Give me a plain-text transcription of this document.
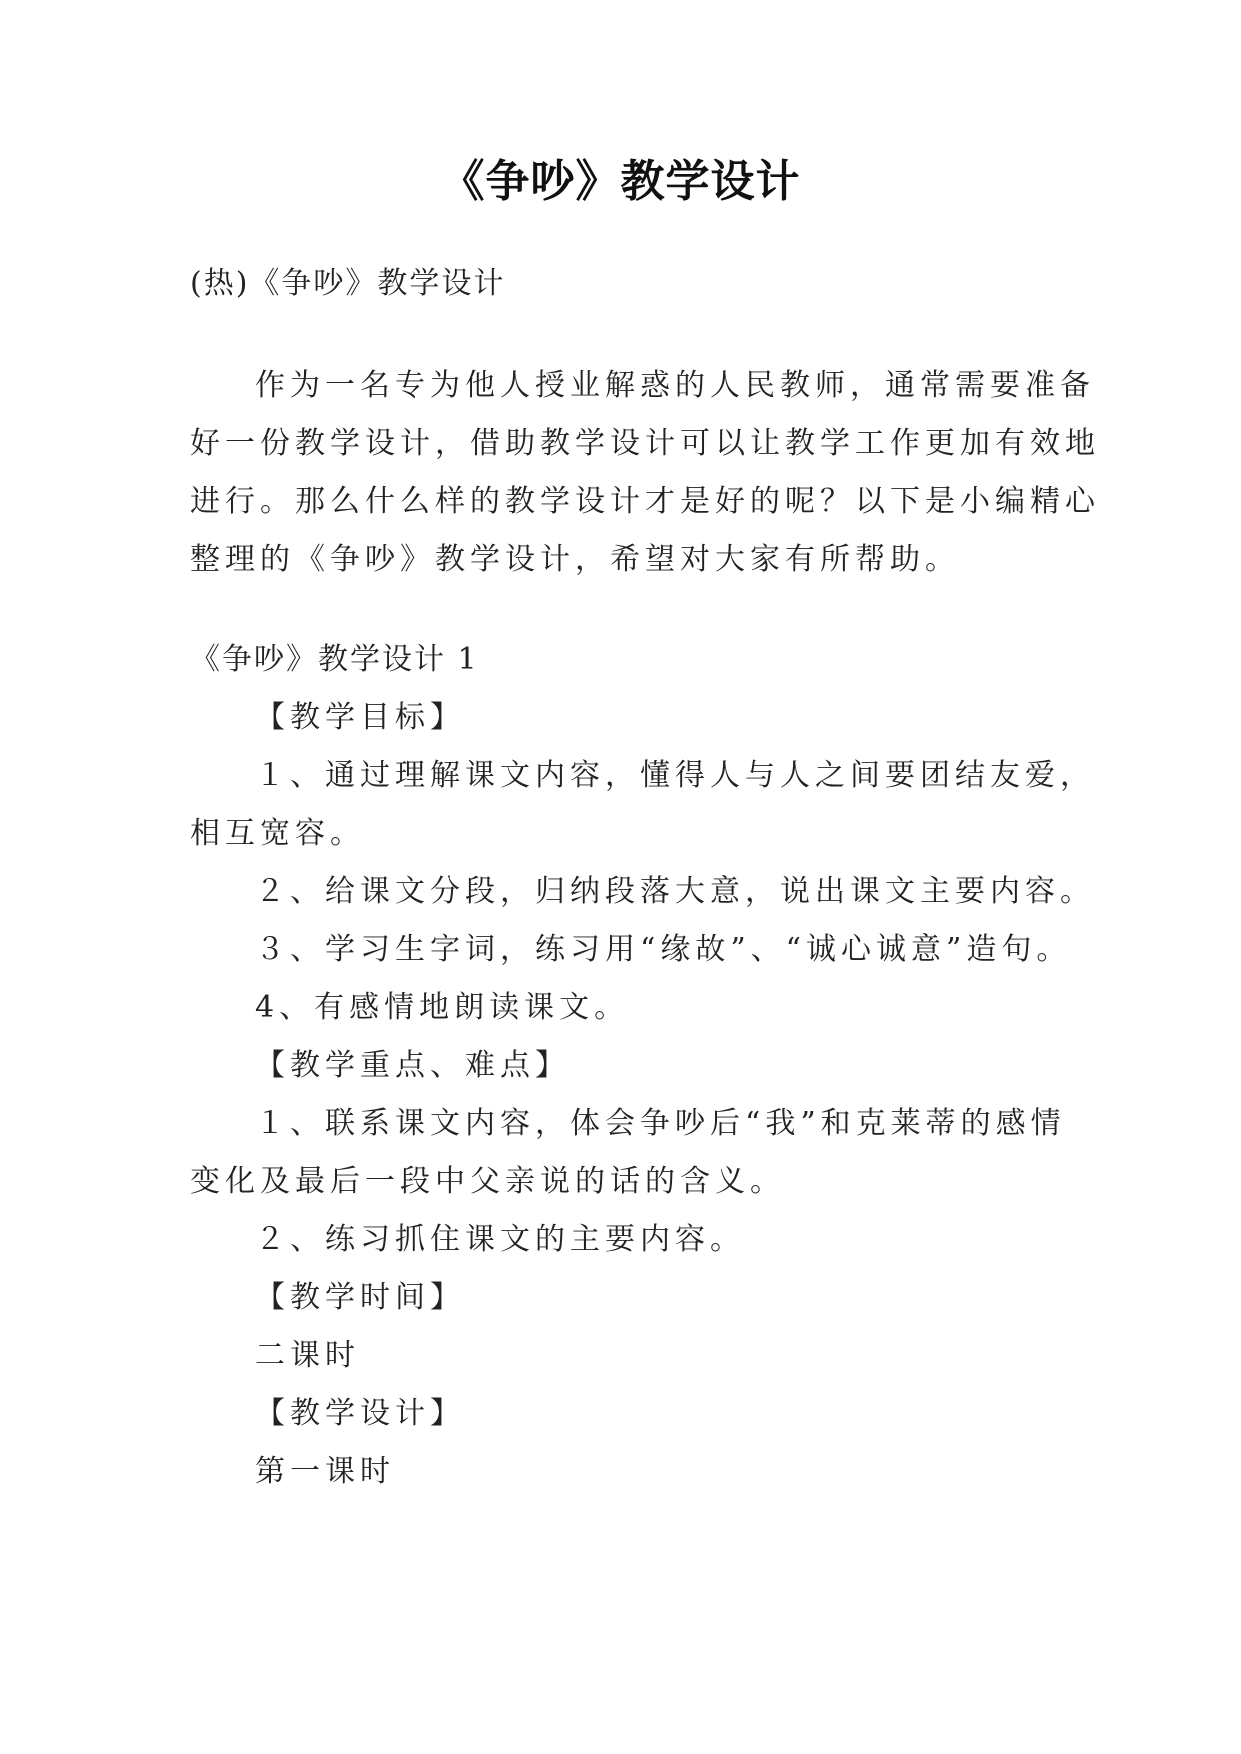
《争吵》教学设计

(热)《争吵》教学设计

作为一名专为他人授业解惑的人民教师，通常需要准备

好一份教学设计，借助教学设计可以让教学工作更加有效地

进行。那么什么样的教学设计才是好的呢？以下是小编精心

整理的《争吵》教学设计，希望对大家有所帮助。

《争吵》教学设计 1

【教学目标】

１、通过理解课文内容，懂得人与人之间要团结友爱，

相互宽容。

２、给课文分段，归纳段落大意，说出课文主要内容。

３、学习生字词，练习用“缘故”、“诚心诚意”造句。

4、有感情地朗读课文。

【教学重点、难点】

１、联系课文内容，体会争吵后“我”和克莱蒂的感情

变化及最后一段中父亲说的话的含义。

２、练习抓住课文的主要内容。

【教学时间】

二课时

【教学设计】

第一课时
